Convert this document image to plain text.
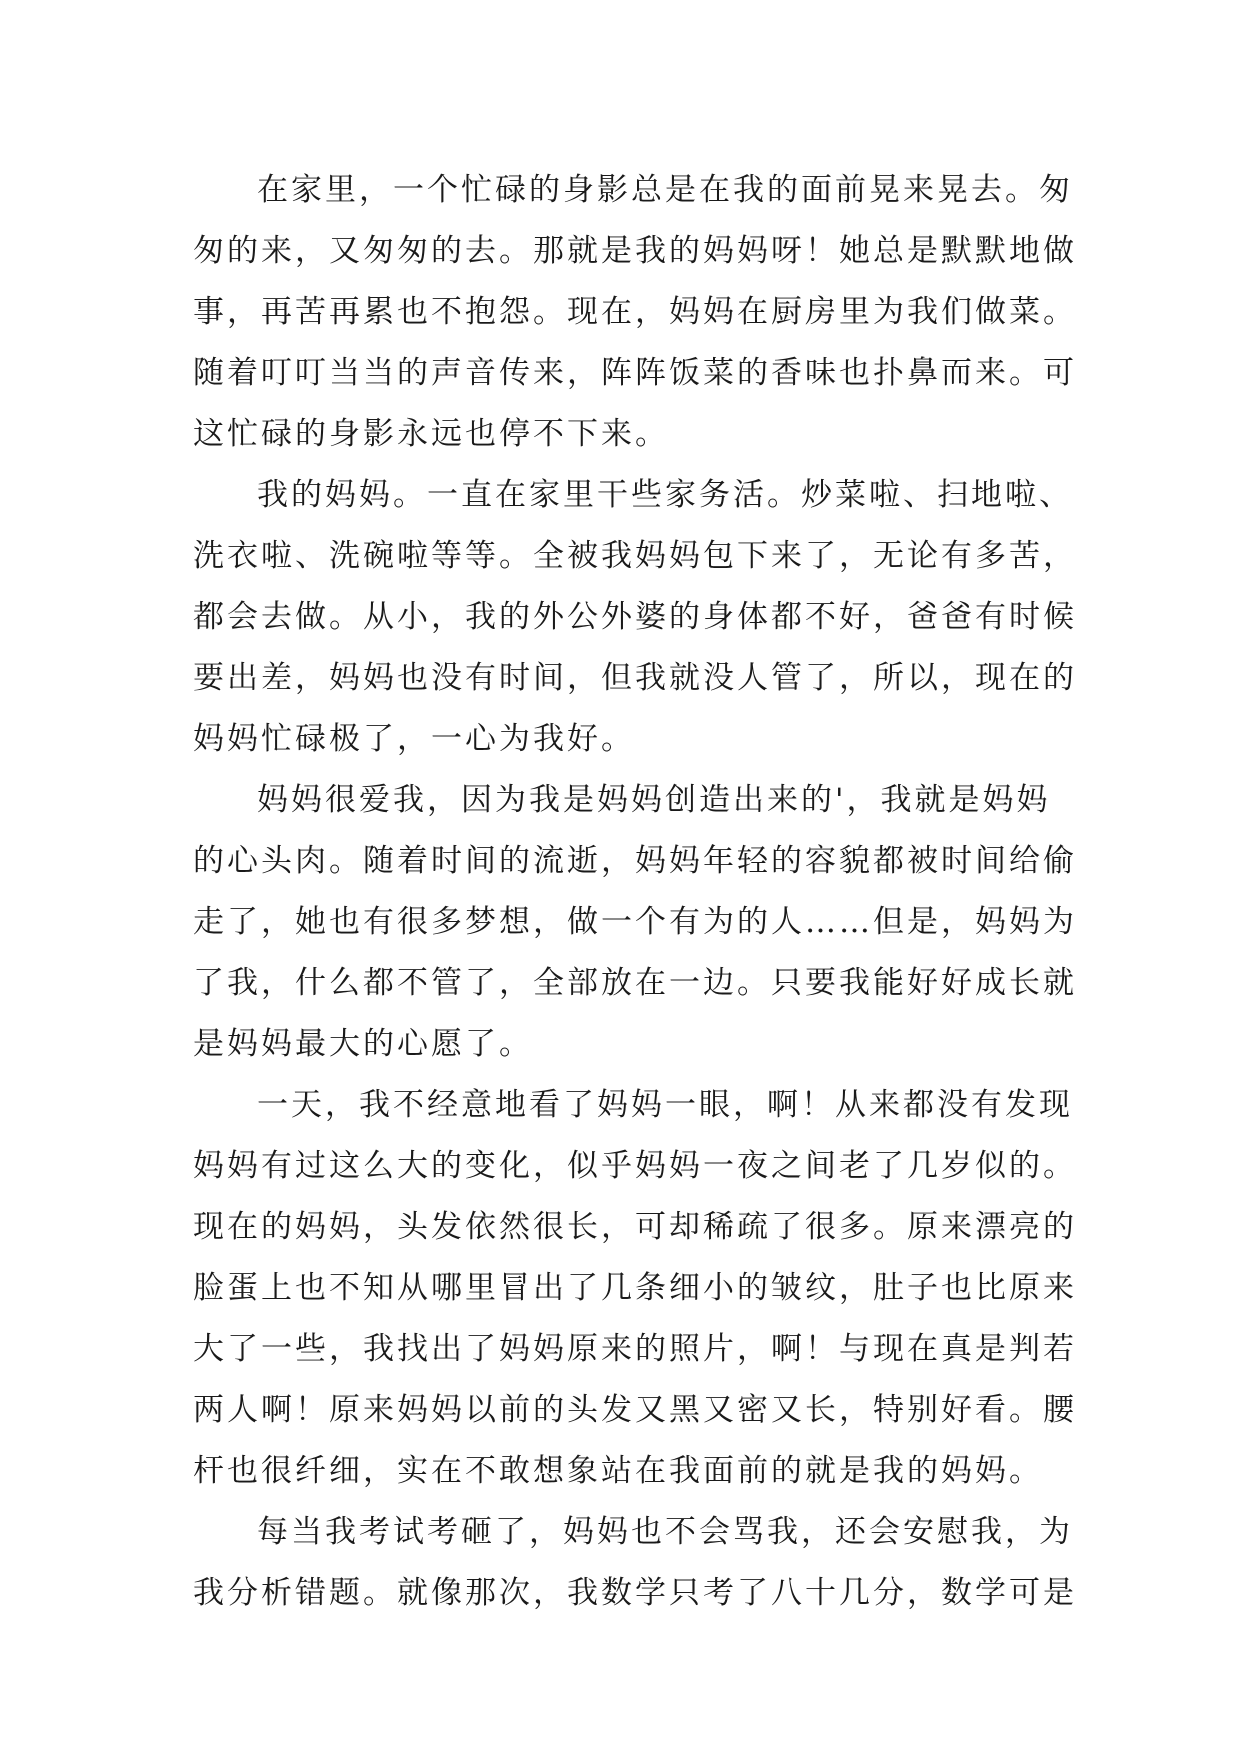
在家里，一个忙碌的身影总是在我的面前晃来晃去。匆
匆的来，又匆匆的去。那就是我的妈妈呀！她总是默默地做
事，再苦再累也不抱怨。现在，妈妈在厨房里为我们做菜。
随着叮叮当当的声音传来，阵阵饭菜的香味也扑鼻而来。可
这忙碌的身影永远也停不下来。
我的妈妈。一直在家里干些家务活。炒菜啦、扫地啦、
洗衣啦、洗碗啦等等。全被我妈妈包下来了，无论有多苦，
都会去做。从小，我的外公外婆的身体都不好，爸爸有时候
要出差，妈妈也没有时间，但我就没人管了，所以，现在的
妈妈忙碌极了，一心为我好。
妈妈很爱我，因为我是妈妈创造出来的'，我就是妈妈
的心头肉。随着时间的流逝，妈妈年轻的容貌都被时间给偷
走了，她也有很多梦想，做一个有为的人……但是，妈妈为
了我，什么都不管了，全部放在一边。只要我能好好成长就
是妈妈最大的心愿了。
一天，我不经意地看了妈妈一眼，啊！从来都没有发现
妈妈有过这么大的变化，似乎妈妈一夜之间老了几岁似的。
现在的妈妈，头发依然很长，可却稀疏了很多。原来漂亮的
脸蛋上也不知从哪里冒出了几条细小的皱纹，肚子也比原来
大了一些，我找出了妈妈原来的照片，啊！与现在真是判若
两人啊！原来妈妈以前的头发又黑又密又长，特别好看。腰
杆也很纤细，实在不敢想象站在我面前的就是我的妈妈。
每当我考试考砸了，妈妈也不会骂我，还会安慰我，为
我分析错题。就像那次，我数学只考了八十几分，数学可是
